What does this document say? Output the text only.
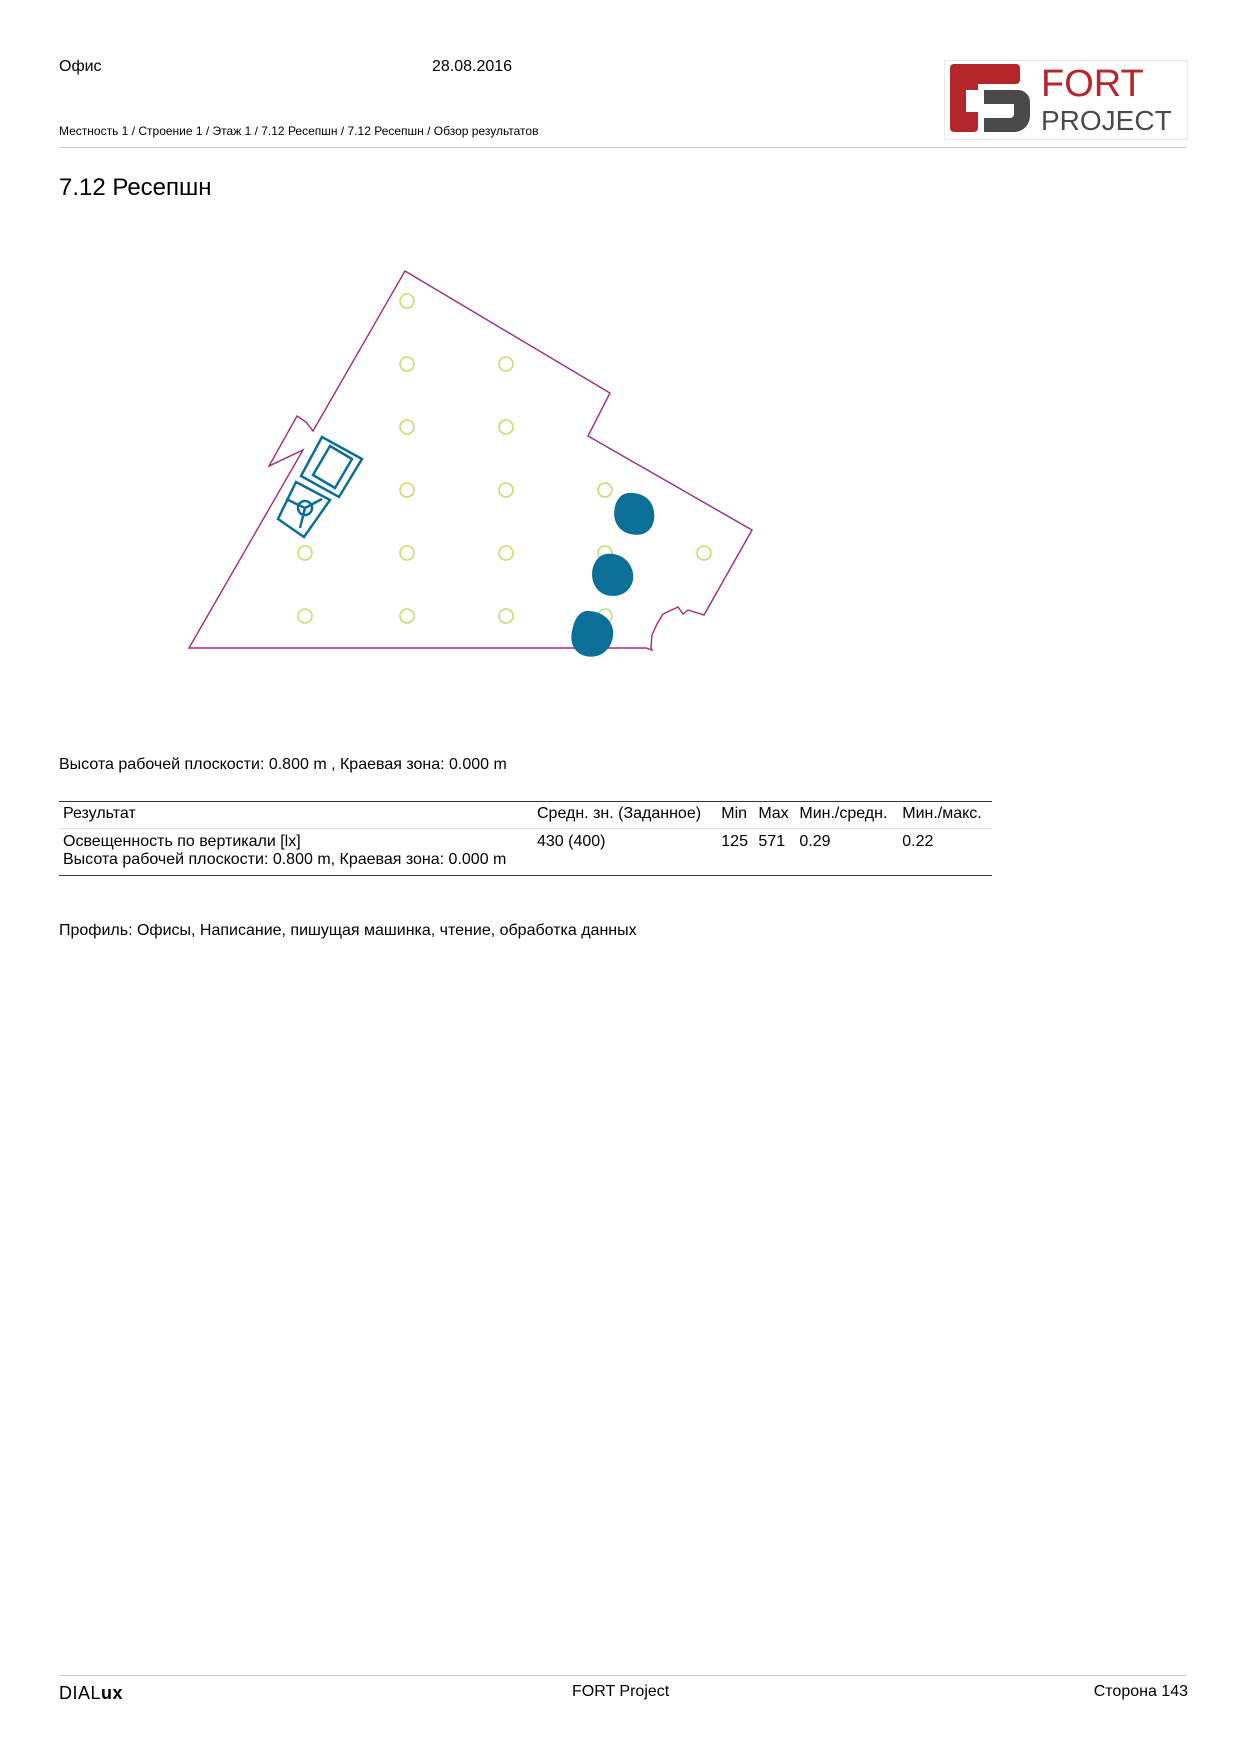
Офис	28.08.2016
Местность 1 / Строение 1 / Этаж 1 / 7.12 Ресепшн / 7.12 Ресепшн / Обзор результатов
FORT
PROJECT
7.12 Ресепшн
Высота рабочей плоскости: 0.800 m , Краевая зона: 0.000 m
Результат	Средн. зн. (Заданное)	Min	Max	Мин./средн.	Мин./макс.

Освещенность по вертикали [lx]
Высота рабочей плоскости: 0.800 m, Краевая зона: 0.000 m	430 (400)	125	571	0.29	0.22
Профиль: Офисы, Написание, пишущая машинка, чтение, обработка данных
DIALux	FORT Project	Сторона 143
